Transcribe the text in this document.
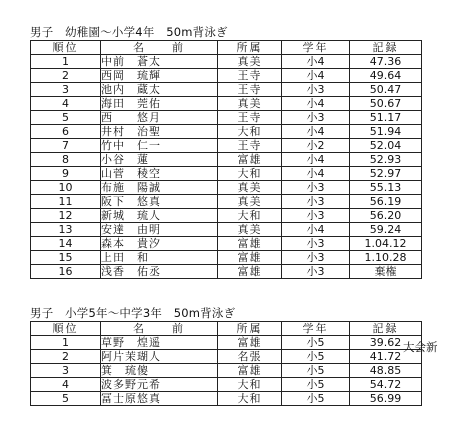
男子　幼稚園～小学4年　50m背泳ぎ
順位	名　　前	所属	学年	記録
1	中前　蒼太	真美	小4	47.36
2	西岡　琉輝	王寺	小4	49.64
3	池内　蔵太	王寺	小3	50.47
4	海田　莞佑	真美	小4	50.67
5	西　　悠月	王寺	小3	51.17
6	井村　治聖	大和	小4	51.94
7	竹中　仁一	王寺	小2	52.04
8	小谷　蓮	富雄	小4	52.93
9	山菅　稜空	大和	小4	52.97
10	布施　陽誠	真美	小3	55.13
11	阪下　悠真	真美	小3	56.19
12	新城　琉人	大和	小3	56.20
13	安達　由明	真美	小4	59.24
14	森本　貴汐	富雄	小3	1.04.12
15	上田　和	富雄	小3	1.10.28
16	浅香　佑丞	富雄	小3	棄権
男子　小学5年～中学3年　50m背泳ぎ
順位	名　　前	所属	学年	記録
1	草野　煌遥	富雄	小5	39.62
2	阿片茉瑚人	名張	小5	41.72
3	箕　琉傻	富雄	小5	48.85
4	波多野元希	大和	小5	54.72
5	冨士原悠真	大和	小5	56.99
大会新
